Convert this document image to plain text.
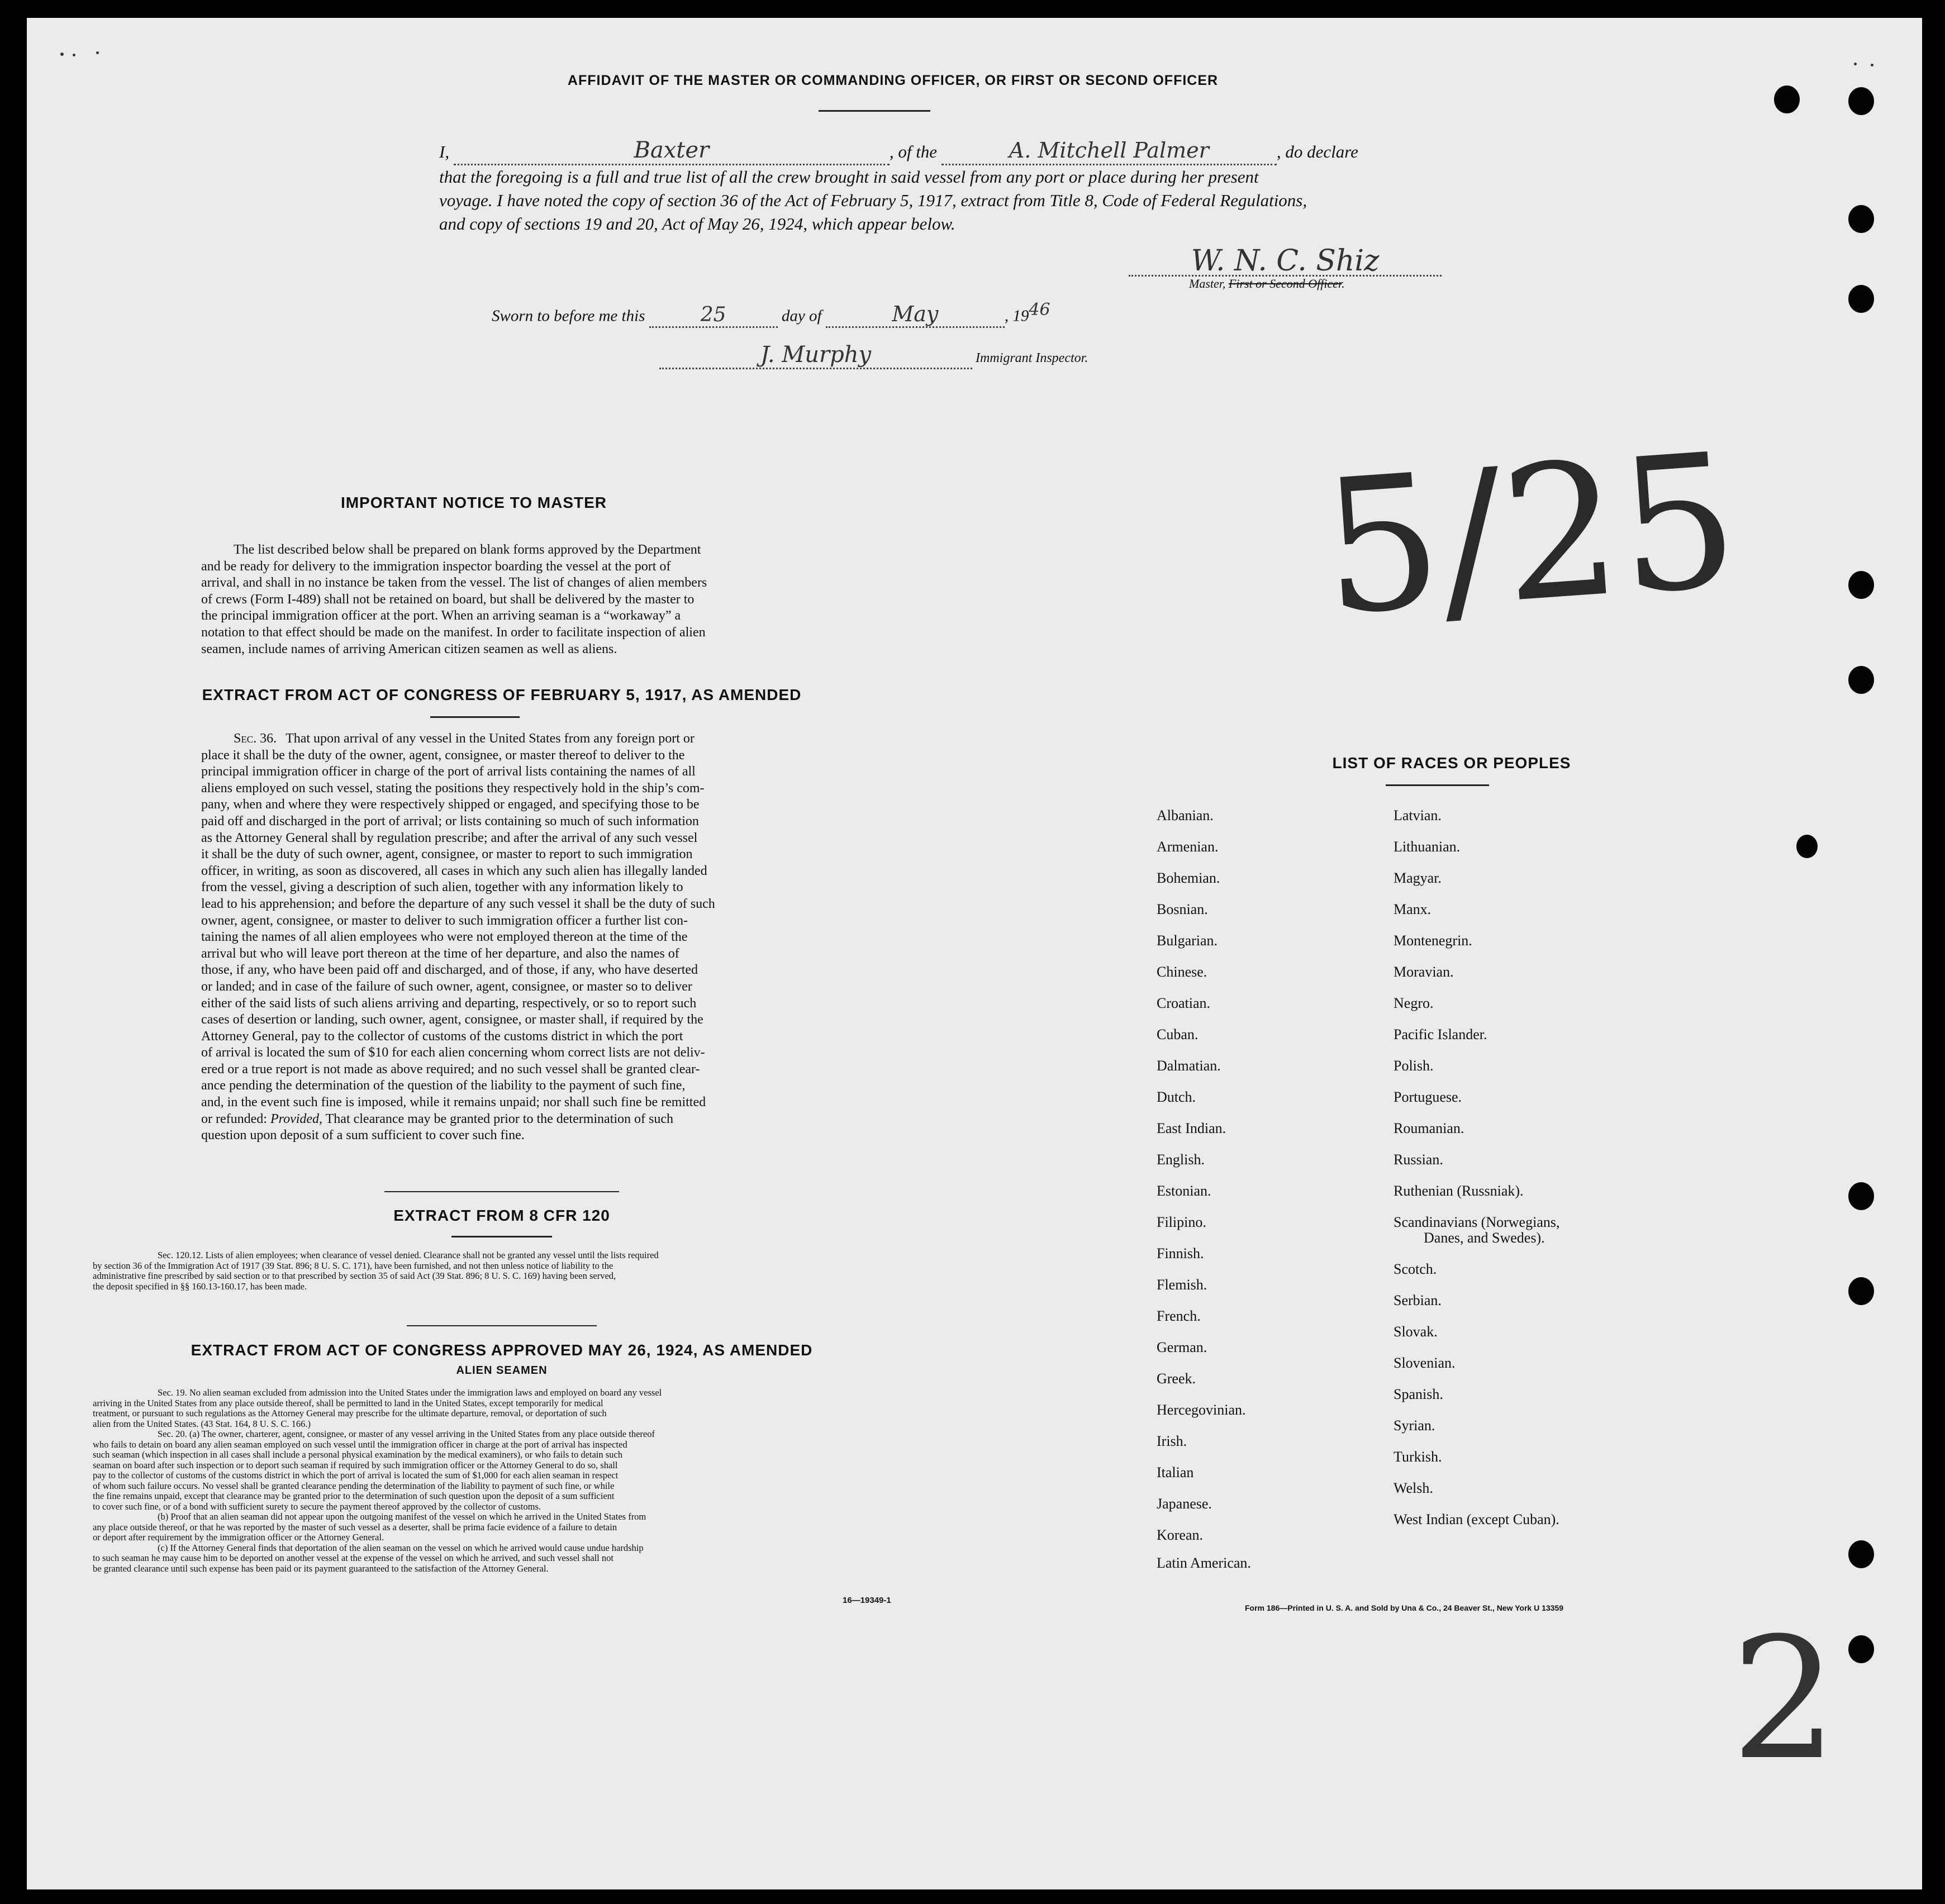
AFFIDAVIT OF THE MASTER OR COMMANDING OFFICER, OR FIRST OR SECOND OFFICER
I,	Baxter	, of the	A. Mitchell Palmer	, do declare
that the foregoing is a full and true list of all the crew brought in said vessel from any port or place during her present
voyage. I have noted the copy of section 36 of the Act of February 5, 1917, extract from Title 8, Code of Federal Regulations,
and copy of sections 19 and 20, Act of May 26, 1924, which appear below.
W. N. C. Shiz
Master, First or Second Officer.
Sworn to before me this	25	day of	May	, 1946
J. Murphy	Immigrant Inspector.
5/25
2
IMPORTANT NOTICE TO MASTER
The list described below shall be prepared on blank forms approved by the Department
and be ready for delivery to the immigration inspector boarding the vessel at the port of
arrival, and shall in no instance be taken from the vessel. The list of changes of alien members
of crews (Form I-489) shall not be retained on board, but shall be delivered by the master to
the principal immigration officer at the port. When an arriving seaman is a “workaway” a
notation to that effect should be made on the manifest. In order to facilitate inspection of alien
seamen, include names of arriving American citizen seamen as well as aliens.
EXTRACT FROM ACT OF CONGRESS OF FEBRUARY 5, 1917, AS AMENDED
Sec. 36. That upon arrival of any vessel in the United States from any foreign port or
place it shall be the duty of the owner, agent, consignee, or master thereof to deliver to the
principal immigration officer in charge of the port of arrival lists containing the names of all
aliens employed on such vessel, stating the positions they respectively hold in the ship’s com-
pany, when and where they were respectively shipped or engaged, and specifying those to be
paid off and discharged in the port of arrival; or lists containing so much of such information
as the Attorney General shall by regulation prescribe; and after the arrival of any such vessel
it shall be the duty of such owner, agent, consignee, or master to report to such immigration
officer, in writing, as soon as discovered, all cases in which any such alien has illegally landed
from the vessel, giving a description of such alien, together with any information likely to
lead to his apprehension; and before the departure of any such vessel it shall be the duty of such
owner, agent, consignee, or master to deliver to such immigration officer a further list con-
taining the names of all alien employees who were not employed thereon at the time of the
arrival but who will leave port thereon at the time of her departure, and also the names of
those, if any, who have been paid off and discharged, and of those, if any, who have deserted
or landed; and in case of the failure of such owner, agent, consignee, or master so to deliver
either of the said lists of such aliens arriving and departing, respectively, or so to report such
cases of desertion or landing, such owner, agent, consignee, or master shall, if required by the
Attorney General, pay to the collector of customs of the customs district in which the port
of arrival is located the sum of $10 for each alien concerning whom correct lists are not deliv-
ered or a true report is not made as above required; and no such vessel shall be granted clear-
ance pending the determination of the question of the liability to the payment of such fine,
and, in the event such fine is imposed, while it remains unpaid; nor shall such fine be remitted
or refunded: Provided, That clearance may be granted prior to the determination of such
question upon deposit of a sum sufficient to cover such fine.
EXTRACT FROM 8 CFR 120
Sec. 120.12. Lists of alien employees; when clearance of vessel denied. Clearance shall not be granted any vessel until the lists required
by section 36 of the Immigration Act of 1917 (39 Stat. 896; 8 U. S. C. 171), have been furnished, and not then unless notice of liability to the
administrative fine prescribed by said section or to that prescribed by section 35 of said Act (39 Stat. 896; 8 U. S. C. 169) having been served,
the deposit specified in §§ 160.13-160.17, has been made.
EXTRACT FROM ACT OF CONGRESS APPROVED MAY 26, 1924, AS AMENDED
ALIEN SEAMEN
Sec. 19. No alien seaman excluded from admission into the United States under the immigration laws and employed on board any vessel
arriving in the United States from any place outside thereof, shall be permitted to land in the United States, except temporarily for medical
treatment, or pursuant to such regulations as the Attorney General may prescribe for the ultimate departure, removal, or deportation of such
alien from the United States. (43 Stat. 164, 8 U. S. C. 166.)
Sec. 20. (a) The owner, charterer, agent, consignee, or master of any vessel arriving in the United States from any place outside thereof
who fails to detain on board any alien seaman employed on such vessel until the immigration officer in charge at the port of arrival has inspected
such seaman (which inspection in all cases shall include a personal physical examination by the medical examiners), or who fails to detain such
seaman on board after such inspection or to deport such seaman if required by such immigration officer or the Attorney General to do so, shall
pay to the collector of customs of the customs district in which the port of arrival is located the sum of $1,000 for each alien seaman in respect
of whom such failure occurs. No vessel shall be granted clearance pending the determination of the liability to payment of such fine, or while
the fine remains unpaid, except that clearance may be granted prior to the determination of such question upon the deposit of a sum sufficient
to cover such fine, or of a bond with sufficient surety to secure the payment thereof approved by the collector of customs.
(b) Proof that an alien seaman did not appear upon the outgoing manifest of the vessel on which he arrived in the United States from
any place outside thereof, or that he was reported by the master of such vessel as a deserter, shall be prima facie evidence of a failure to detain
or deport after requirement by the immigration officer or the Attorney General.
(c) If the Attorney General finds that deportation of the alien seaman on the vessel on which he arrived would cause undue hardship
to such seaman he may cause him to be deported on another vessel at the expense of the vessel on which he arrived, and such vessel shall not
be granted clearance until such expense has been paid or its payment guaranteed to the satisfaction of the Attorney General.
16—19349-1
LIST OF RACES OR PEOPLES
Albanian.
Armenian.
Bohemian.
Bosnian.
Bulgarian.
Chinese.
Croatian.
Cuban.
Dalmatian.
Dutch.
East Indian.
English.
Estonian.
Filipino.
Finnish.
Flemish.
French.
German.
Greek.
Hercegovinian.
Irish.
Italian
Japanese.
Korean.
Latin American.
Latvian.
Lithuanian.
Magyar.
Manx.
Montenegrin.
Moravian.
Negro.
Pacific Islander.
Polish.
Portuguese.
Roumanian.
Russian.
Ruthenian (Russniak).
Scandinavians (Norwegians,
Danes, and Swedes).
Scotch.
Serbian.
Slovak.
Slovenian.
Spanish.
Syrian.
Turkish.
Welsh.
West Indian (except Cuban).
Form 186—Printed in U. S. A. and Sold by Una & Co., 24 Beaver St., New York U 13359
